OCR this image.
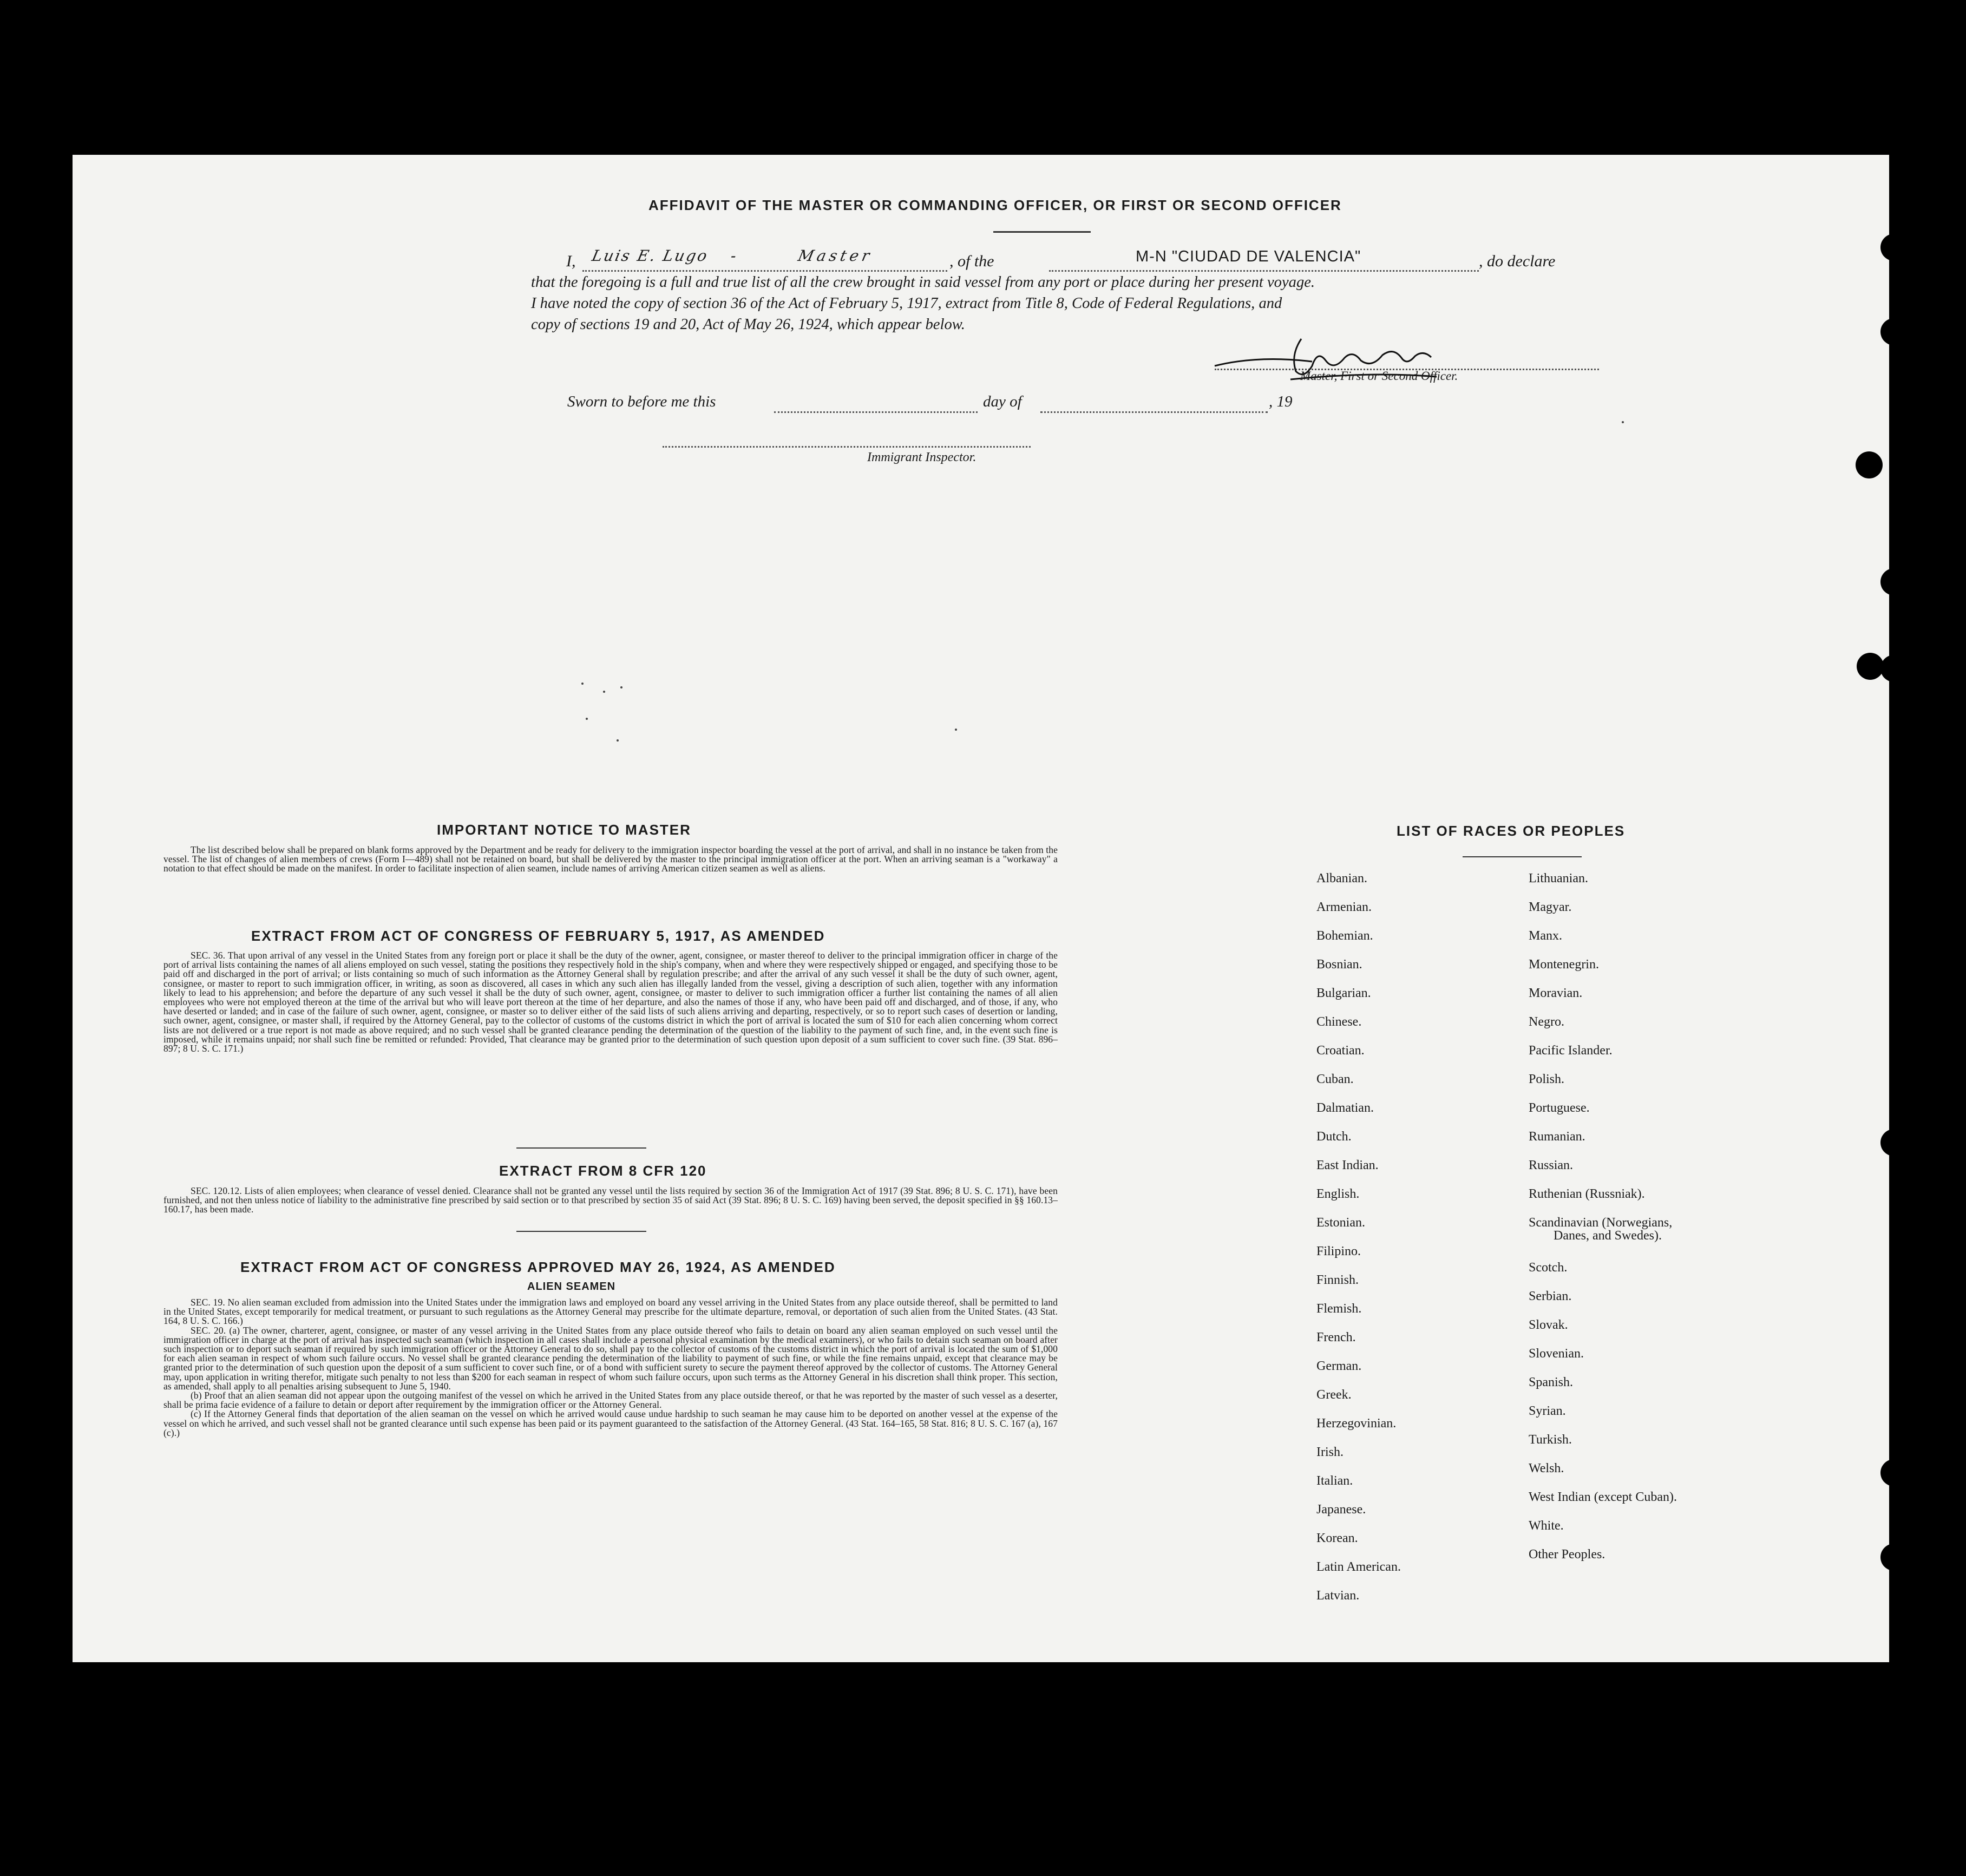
AFFIDAVIT OF THE MASTER OR COMMANDING OFFICER, OR FIRST OR SECOND OFFICER
I, Luis E. Lugo -	Master	, of the	M-N "CIUDAD DE VALENCIA"	, do declare
that the foregoing is a full and true list of all the crew brought in said vessel from any port or place during her present voyage.
I have noted the copy of section 36 of the Act of February 5, 1917, extract from Title 8, Code of Federal Regulations, and
copy of sections 19 and 20, Act of May 26, 1924, which appear below.
Master, First or Second Officer.
Sworn to before me this	day of	, 19
Immigrant Inspector.
IMPORTANT NOTICE TO MASTER

The list described below shall be prepared on blank forms approved by the Department and be ready for delivery to the immigration inspector boarding the vessel at the port of arrival, and shall in no instance be taken from the vessel. The list of changes of alien members of crews (Form I—489) shall not be retained on board, but shall be delivered by the master to the principal immigration officer at the port. When an arriving seaman is a "workaway" a notation to that effect should be made on the manifest. In order to facilitate inspection of alien seamen, include names of arriving American citizen seamen as well as aliens.

EXTRACT FROM ACT OF CONGRESS OF FEBRUARY 5, 1917, AS AMENDED

SEC. 36. That upon arrival of any vessel in the United States from any foreign port or place it shall be the duty of the owner, agent, consignee, or master thereof to deliver to the principal immigration officer in charge of the port of arrival lists containing the names of all aliens employed on such vessel, stating the positions they respectively hold in the ship's company, when and where they were respectively shipped or engaged, and specifying those to be paid off and discharged in the port of arrival; or lists containing so much of such information as the Attorney General shall by regulation prescribe; and after the arrival of any such vessel it shall be the duty of such owner, agent, consignee, or master to report to such immigration officer, in writing, as soon as discovered, all cases in which any such alien has illegally landed from the vessel, giving a description of such alien, together with any information likely to lead to his apprehension; and before the departure of any such vessel it shall be the duty of such owner, agent, consignee, or master to deliver to such immigration officer a further list containing the names of all alien employees who were not employed thereon at the time of the arrival but who will leave port thereon at the time of her departure, and also the names of those if any, who have been paid off and discharged, and of those, if any, who have deserted or landed; and in case of the failure of such owner, agent, consignee, or master so to deliver either of the said lists of such aliens arriving and departing, respectively, or so to report such cases of desertion or landing, such owner, agent, consignee, or master shall, if required by the Attorney General, pay to the collector of customs of the customs district in which the port of arrival is located the sum of $10 for each alien concerning whom correct lists are not delivered or a true report is not made as above required; and no such vessel shall be granted clearance pending the determination of the question of the liability to the payment of such fine, and, in the event such fine is imposed, while it remains unpaid; nor shall such fine be remitted or refunded: Provided, That clearance may be granted prior to the determination of such question upon deposit of a sum sufficient to cover such fine. (39 Stat. 896–897; 8 U. S. C. 171.)

EXTRACT FROM 8 CFR 120

SEC. 120.12. Lists of alien employees; when clearance of vessel denied. Clearance shall not be granted any vessel until the lists required by section 36 of the Immigration Act of 1917 (39 Stat. 896; 8 U. S. C. 171), have been furnished, and not then unless notice of liability to the administrative fine prescribed by said section or to that prescribed by section 35 of said Act (39 Stat. 896; 8 U. S. C. 169) having been served, the deposit specified in §§ 160.13–160.17, has been made.

EXTRACT FROM ACT OF CONGRESS APPROVED MAY 26, 1924, AS AMENDED
ALIEN SEAMEN

SEC. 19. No alien seaman excluded from admission into the United States under the immigration laws and employed on board any vessel arriving in the United States from any place outside thereof, shall be permitted to land in the United States, except temporarily for medical treatment, or pursuant to such regulations as the Attorney General may prescribe for the ultimate departure, removal, or deportation of such alien from the United States. (43 Stat. 164, 8 U. S. C. 166.)

SEC. 20. (a) The owner, charterer, agent, consignee, or master of any vessel arriving in the United States from any place outside thereof who fails to detain on board any alien seaman employed on such vessel until the immigration officer in charge at the port of arrival has inspected such seaman (which inspection in all cases shall include a personal physical examination by the medical examiners), or who fails to detain such seaman on board after such inspection or to deport such seaman if required by such immigration officer or the Attorney General to do so, shall pay to the collector of customs of the customs district in which the port of arrival is located the sum of $1,000 for each alien seaman in respect of whom such failure occurs. No vessel shall be granted clearance pending the determination of the liability to payment of such fine, or while the fine remains unpaid, except that clearance may be granted prior to the determination of such question upon the deposit of a sum sufficient to cover such fine, or of a bond with sufficient surety to secure the payment thereof approved by the collector of customs. The Attorney General may, upon application in writing therefor, mitigate such penalty to not less than $200 for each seaman in respect of whom such failure occurs, upon such terms as the Attorney General in his discretion shall think proper. This section, as amended, shall apply to all penalties arising subsequent to June 5, 1940.

(b) Proof that an alien seaman did not appear upon the outgoing manifest of the vessel on which he arrived in the United States from any place outside thereof, or that he was reported by the master of such vessel as a deserter, shall be prima facie evidence of a failure to detain or deport after requirement by the immigration officer or the Attorney General.

(c) If the Attorney General finds that deportation of the alien seaman on the vessel on which he arrived would cause undue hardship to such seaman he may cause him to be deported on another vessel at the expense of the vessel on which he arrived, and such vessel shall not be granted clearance until such expense has been paid or its payment guaranteed to the satisfaction of the Attorney General. (43 Stat. 164–165, 58 Stat. 816; 8 U. S. C. 167 (a), 167 (c).)

LIST OF RACES OR PEOPLES
Albanian.
Armenian.
Bohemian.
Bosnian.
Bulgarian.
Chinese.
Croatian.
Cuban.
Dalmatian.
Dutch.
East Indian.
English.
Estonian.
Filipino.
Finnish.
Flemish.
French.
German.
Greek.
Herzegovinian.
Irish.
Italian.
Japanese.
Korean.
Latin American.
Latvian.
Lithuanian.
Magyar.
Manx.
Montenegrin.
Moravian.
Negro.
Pacific Islander.
Polish.
Portuguese.
Rumanian.
Russian.
Ruthenian (Russniak).
Scandinavian (Norwegians,
Danes, and Swedes).
Scotch.
Serbian.
Slovak.
Slovenian.
Spanish.
Syrian.
Turkish.
Welsh.
West Indian (except Cuban).
White.
Other Peoples.
